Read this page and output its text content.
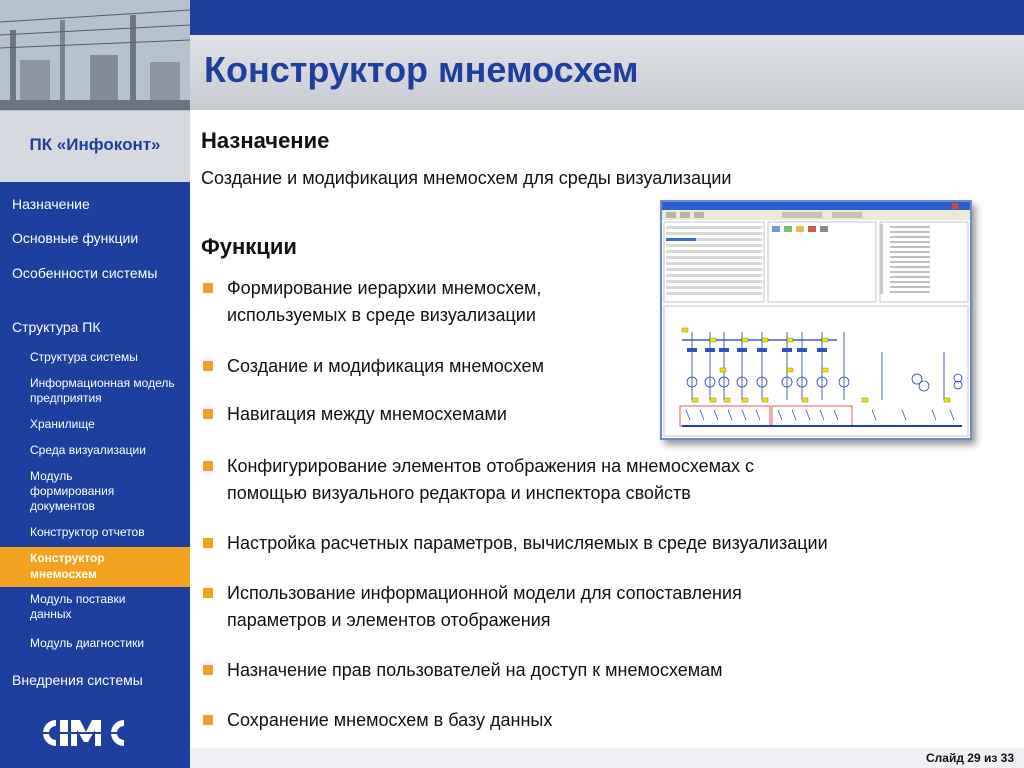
Конструктор мнемосхем
ПК «Инфоконт»
Назначение
Основные функции
Особенности системы
Структура ПК
Структура системы
Информационная модель предприятия
Хранилище
Среда визуализации
Модуль формирования документов
Конструктор отчетов
Конструктор мнемосхем
Модуль поставки данных
Модуль диагностики
Внедрения системы
Назначение
Создание и модификация мнемосхем для среды визуализации
Функции
Формирование иерархии мнемосхем,
используемых в среде визуализации
Создание и модификация мнемосхем
Навигация между мнемосхемами
Конфигурирование элементов отображения на мнемосхемах с
помощью визуального редактора и инспектора свойств
Настройка расчетных параметров, вычисляемых в среде визуализации
Использование информационной модели для сопоставления
параметров и элементов отображения
Назначение прав пользователей на доступ к мнемосхемам
Сохранение мнемосхем в базу данных
Слайд 29 из 33
